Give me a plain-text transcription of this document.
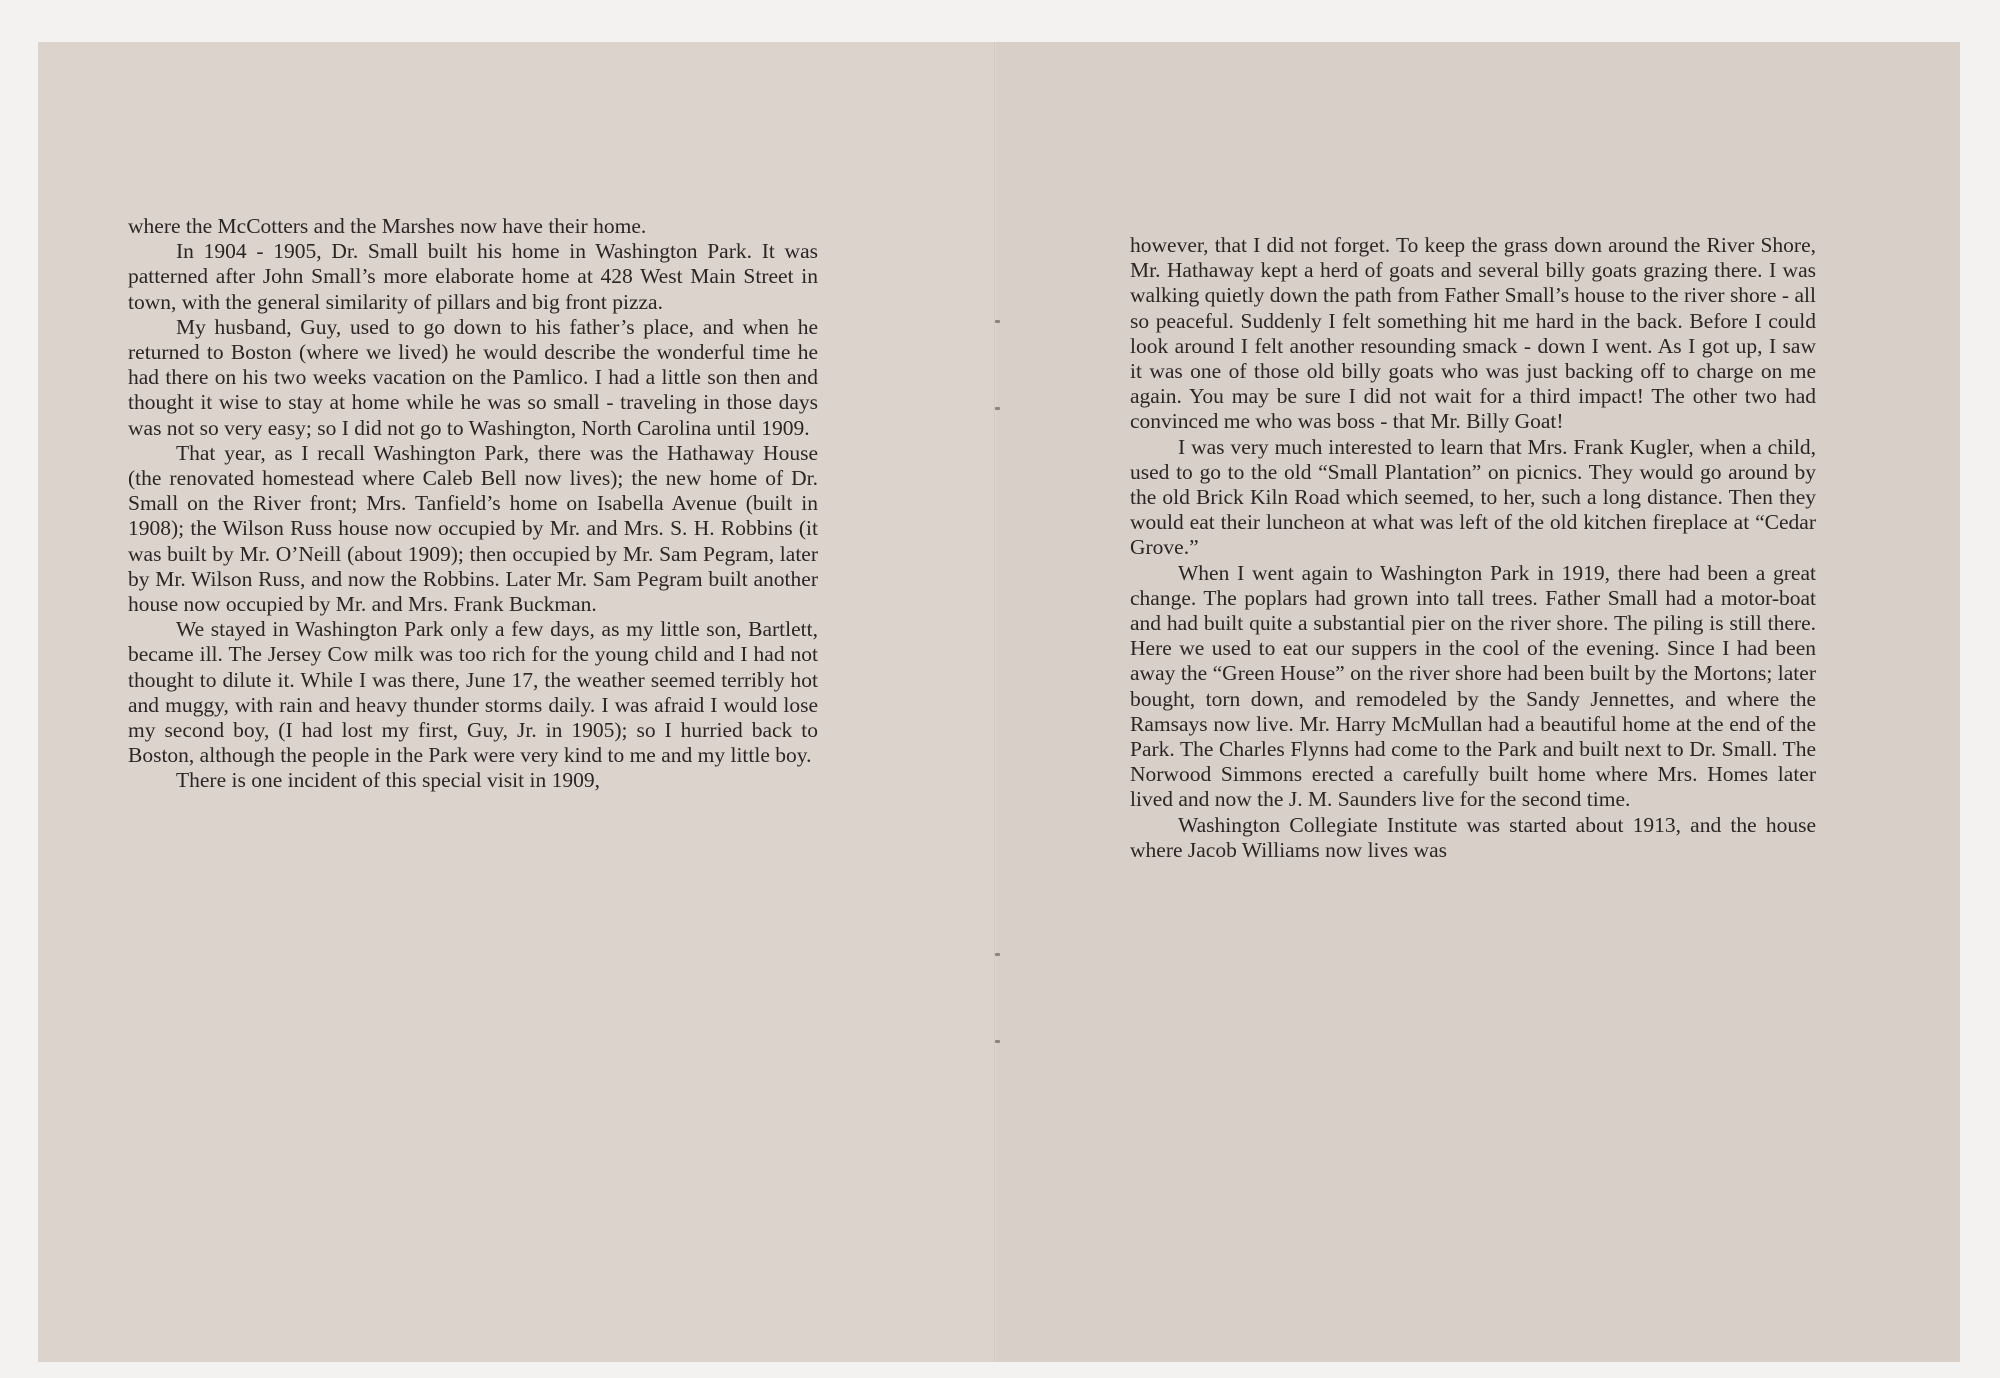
where the McCotters and the Marshes now have their home.

In 1904 - 1905, Dr. Small built his home in Washington Park. It was patterned after John Small’s more elaborate home at 428 West Main Street in town, with the general similarity of pillars and big front pizza.

My husband, Guy, used to go down to his father’s place, and when he returned to Boston (where we lived) he would describe the wonderful time he had there on his two weeks vacation on the Pamlico. I had a little son then and thought it wise to stay at home while he was so small - traveling in those days was not so very easy; so I did not go to Washington, North Carolina until 1909.

That year, as I recall Washington Park, there was the Hathaway House (the renovated homestead where Caleb Bell now lives); the new home of Dr. Small on the River front; Mrs. Tanfield’s home on Isabella Avenue (built in 1908); the Wilson Russ house now occupied by Mr. and Mrs. S. H. Robbins (it was built by Mr. O’Neill (about 1909); then occupied by Mr. Sam Pegram, later by Mr. Wilson Russ, and now the Robbins. Later Mr. Sam Pegram built another house now occupied by Mr. and Mrs. Frank Buckman.

We stayed in Washington Park only a few days, as my little son, Bartlett, became ill. The Jersey Cow milk was too rich for the young child and I had not thought to dilute it. While I was there, June 17, the weather seemed terribly hot and muggy, with rain and heavy thunder storms daily. I was afraid I would lose my second boy, (I had lost my first, Guy, Jr. in 1905); so I hurried back to Boston, although the people in the Park were very kind to me and my little boy.

There is one incident of this special visit in 1909,

however, that I did not forget. To keep the grass down around the River Shore, Mr. Hathaway kept a herd of goats and several billy goats grazing there. I was walking quietly down the path from Father Small’s house to the river shore - all so peaceful. Suddenly I felt something hit me hard in the back. Before I could look around I felt another resounding smack - down I went. As I got up, I saw it was one of those old billy goats who was just backing off to charge on me again. You may be sure I did not wait for a third impact! The other two had convinced me who was boss - that Mr. Billy Goat!

I was very much interested to learn that Mrs. Frank Kugler, when a child, used to go to the old “Small Plantation” on picnics. They would go around by the old Brick Kiln Road which seemed, to her, such a long distance. Then they would eat their luncheon at what was left of the old kitchen fireplace at “Cedar Grove.”

When I went again to Washington Park in 1919, there had been a great change. The poplars had grown into tall trees. Father Small had a motor-boat and had built quite a substantial pier on the river shore. The piling is still there. Here we used to eat our suppers in the cool of the evening. Since I had been away the “Green House” on the river shore had been built by the Mortons; later bought, torn down, and remodeled by the Sandy Jennettes, and where the Ramsays now live. Mr. Harry McMullan had a beautiful home at the end of the Park. The Charles Flynns had come to the Park and built next to Dr. Small. The Norwood Simmons erected a carefully built home where Mrs. Homes later lived and now the J. M. Saunders live for the second time.

Washington Collegiate Institute was started about 1913, and the house where Jacob Williams now lives was
